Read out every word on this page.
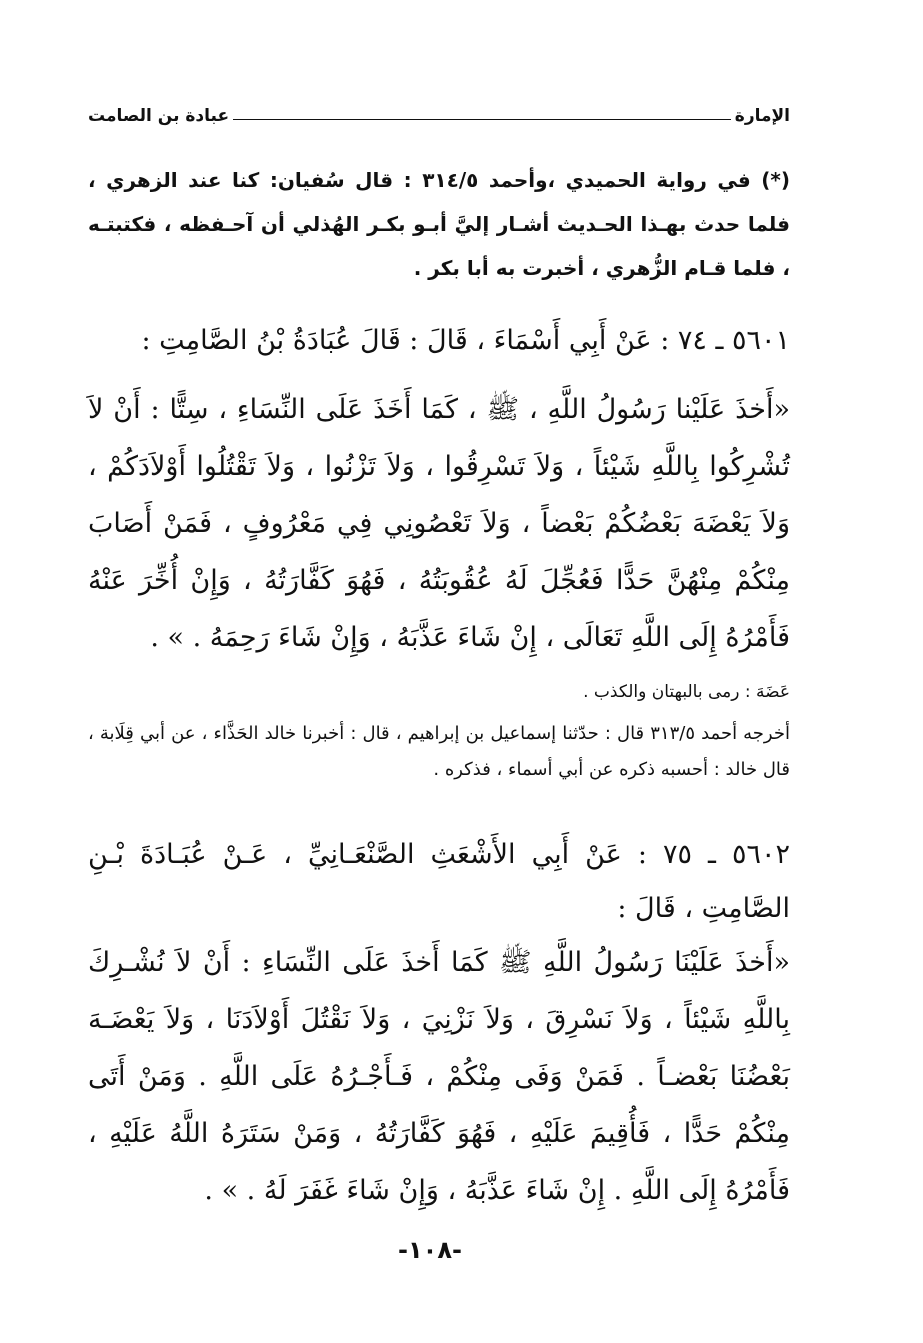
الإمارة
عبادة بن الصامت
(*) في رواية الحميدي ،وأحمد ٣١٤/٥ : قال سُفيان: كنا عند الزهري ، فلما حدث بهـذا الحـديث أشـار إليَّ أبـو بكـر الهُذلي أن آحـفظه ، فكتبتـه ، فلما قـام الزُّهري ، أخبرت به أبا بكر .
٥٦٠١ ـ ٧٤ : عَنْ أَبِي أَسْمَاءَ ، قَالَ : قَالَ عُبَادَةُ بْنُ الصَّامِتِ :
«أَخذَ عَلَيْنا رَسُولُ اللَّهِ ، ﷺ ، كَمَا أَخَذَ عَلَى النِّسَاءِ ، سِتًّا : أَنْ لاَ تُشْرِكُوا بِاللَّهِ شَيْئاً ، وَلاَ تَسْرِقُوا ، وَلاَ تَزْنُوا ، وَلاَ تَقْتُلُوا أَوْلاَدَكُمْ ، وَلاَ يَعْضَهَ بَعْضُكُمْ بَعْضاً ، وَلاَ تَعْصُونِي فِي مَعْرُوفٍ ، فَمَنْ أَصَابَ مِنْكُمْ مِنْهُنَّ حَدًّا فَعُجِّلَ لَهُ عُقُوبَتُهُ ، فَهُوَ كَفَّارَتُهُ ، وَإِنْ أُخِّرَ عَنْهُ فَأَمْرُهُ إِلَى اللَّهِ تَعَالَى ، إِنْ شَاءَ عَذَّبَهُ ، وَإِنْ شَاءَ رَحِمَهُ . » .
عَضَهَ : رمى بالبهتان والكذب .
أخرجه أحمد ٣١٣/٥ قال : حدّثنا إسماعيل بن إبراهيم ، قال : أخبرنا خالد الحَذَّاء ، عن أبي قِلَابة ، قال خالد : أحسبه ذكره عن أبي أسماء ، فذكره .
٥٦٠٢ ـ ٧٥ : عَنْ أَبِي الأَشْعَثِ الصَّنْعَـانِيِّ ، عَـنْ عُبَـادَةَ بْـنِ الصَّامِتِ ، قَالَ :
«أَخذَ عَلَيْنَا رَسُولُ اللَّهِ ﷺ كَمَا أَخذَ عَلَى النِّسَاءِ : أَنْ لاَ نُشْـرِكَ بِاللَّهِ شَيْئاً ، وَلاَ نَسْرِقَ ، وَلاَ نَزْنِيَ ، وَلاَ نَقْتُلَ أَوْلاَدَنَا ، وَلاَ يَعْضَـهَ بَعْضُنَا بَعْضـاً . فَمَنْ وَفَى مِنْكُمْ ، فَـأَجْـرُهُ عَلَى اللَّهِ . وَمَنْ أَتَى مِنْكُمْ حَدًّا ، فَأُقِيمَ عَلَيْهِ ، فَهُوَ كَفَّارَتُهُ ، وَمَنْ سَتَرَهُ اللَّهُ عَلَيْهِ ، فَأَمْرُهُ إِلَى اللَّهِ . إِنْ شَاءَ عَذَّبَهُ ، وَإِنْ شَاءَ غَفَرَ لَهُ . » .
-١٠٨-
